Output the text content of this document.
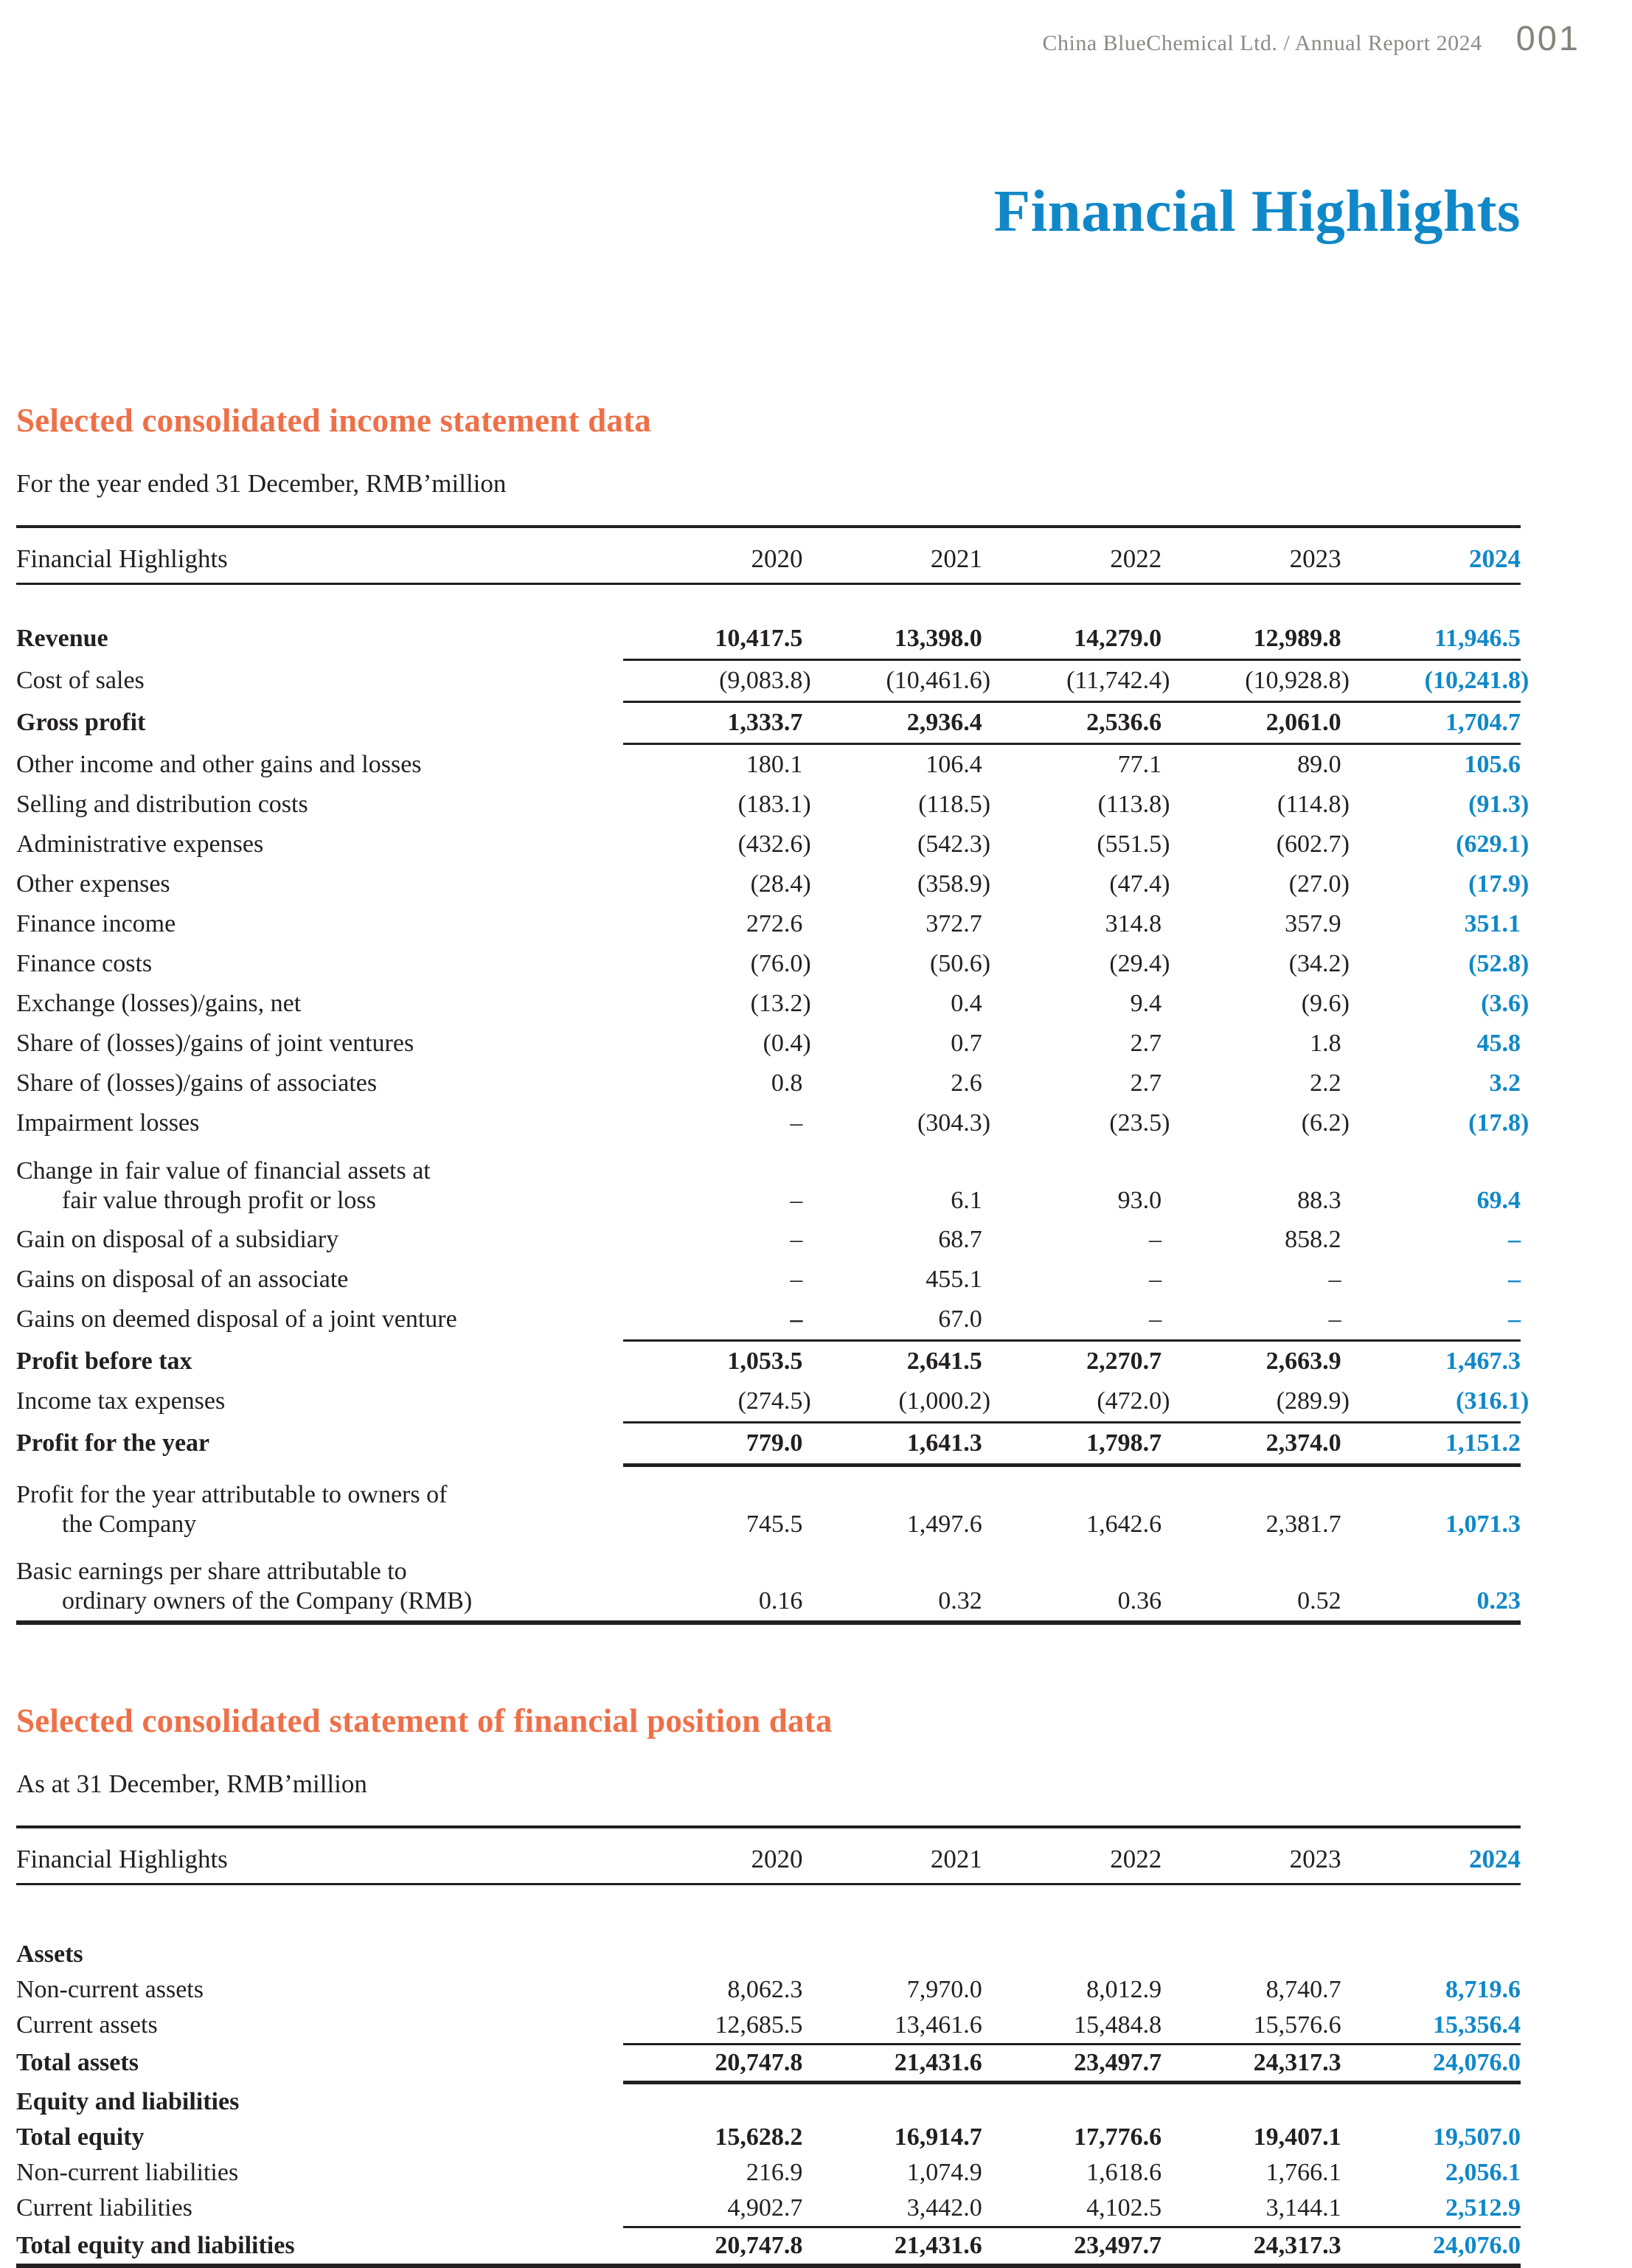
China BlueChemical Ltd. / Annual Report 2024 001
Financial Highlights
Selected consolidated income statement data
For the year ended 31 December, RMB’million
Financial Highlights	2020	2021	2022	2023	2024
Revenue	10,417.5	13,398.0	14,279.0	12,989.8	11,946.5
Cost of sales	(9,083.8)	(10,461.6)	(11,742.4)	(10,928.8)	(10,241.8)
Gross profit	1,333.7	2,936.4	2,536.6	2,061.0	1,704.7
Other income and other gains and losses	180.1	106.4	77.1	89.0	105.6
Selling and distribution costs	(183.1)	(118.5)	(113.8)	(114.8)	(91.3)
Administrative expenses	(432.6)	(542.3)	(551.5)	(602.7)	(629.1)
Other expenses	(28.4)	(358.9)	(47.4)	(27.0)	(17.9)
Finance income	272.6	372.7	314.8	357.9	351.1
Finance costs	(76.0)	(50.6)	(29.4)	(34.2)	(52.8)
Exchange (losses)/gains, net	(13.2)	0.4	9.4	(9.6)	(3.6)
Share of (losses)/gains of joint ventures	(0.4)	0.7	2.7	1.8	45.8
Share of (losses)/gains of associates	0.8	2.6	2.7	2.2	3.2
Impairment losses	–	(304.3)	(23.5)	(6.2)	(17.8)
Change in fair value of financial assets at
fair value through profit or loss	–	6.1	93.0	88.3	69.4
Gain on disposal of a subsidiary	–	68.7	–	858.2	–
Gains on disposal of an associate	–	455.1	–	–	–
Gains on deemed disposal of a joint venture	–	67.0	–	–	–
Profit before tax	1,053.5	2,641.5	2,270.7	2,663.9	1,467.3
Income tax expenses	(274.5)	(1,000.2)	(472.0)	(289.9)	(316.1)
Profit for the year	779.0	1,641.3	1,798.7	2,374.0	1,151.2
Profit for the year attributable to owners of
the Company	745.5	1,497.6	1,642.6	2,381.7	1,071.3
Basic earnings per share attributable to
ordinary owners of the Company (RMB)	0.16	0.32	0.36	0.52	0.23
Selected consolidated statement of financial position data
As at 31 December, RMB’million
Financial Highlights	2020	2021	2022	2023	2024
Assets
Non-current assets	8,062.3	7,970.0	8,012.9	8,740.7	8,719.6
Current assets	12,685.5	13,461.6	15,484.8	15,576.6	15,356.4
Total assets	20,747.8	21,431.6	23,497.7	24,317.3	24,076.0
Equity and liabilities
Total equity	15,628.2	16,914.7	17,776.6	19,407.1	19,507.0
Non-current liabilities	216.9	1,074.9	1,618.6	1,766.1	2,056.1
Current liabilities	4,902.7	3,442.0	4,102.5	3,144.1	2,512.9
Total equity and liabilities	20,747.8	21,431.6	23,497.7	24,317.3	24,076.0
